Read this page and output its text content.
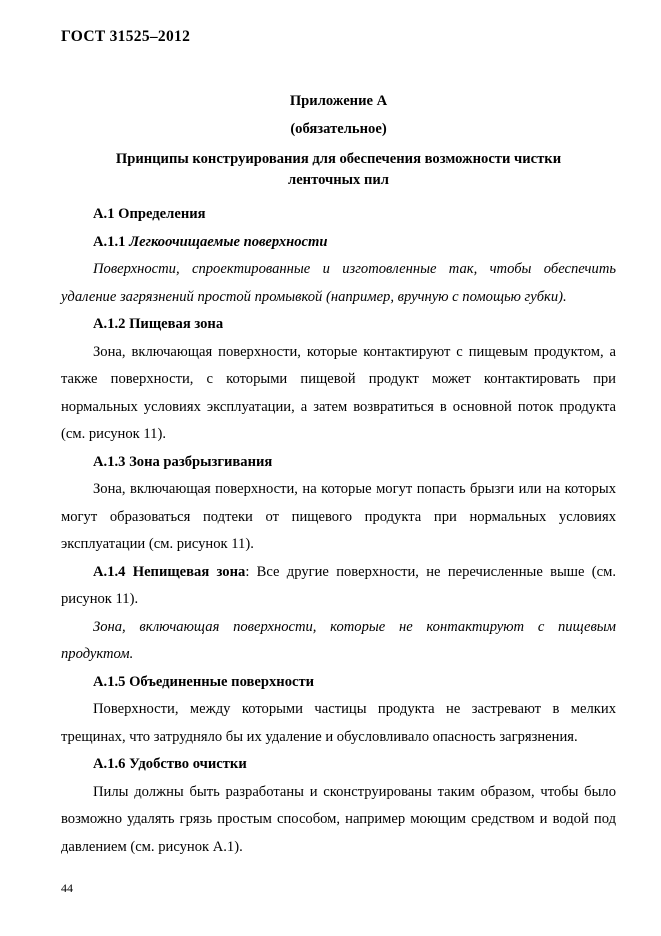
ГОСТ 31525–2012
Приложение А
(обязательное)
Принципы конструирования для обеспечения возможности чистки ленточных пил

А.1 Определения

А.1.1 Легкоочищаемые поверхности

Поверхности, спроектированные и изготовленные так, чтобы обеспечить удаление загрязнений простой промывкой (например, вручную с помощью губки).

А.1.2 Пищевая зона

Зона, включающая поверхности, которые контактируют с пищевым продуктом, а также поверхности, с которыми пищевой продукт может контактировать при нормальных условиях эксплуатации, а затем возвратиться в основной поток продукта (см. рисунок 11).

А.1.3 Зона разбрызгивания

Зона, включающая поверхности, на которые могут попасть брызги или на которых могут образоваться подтеки от пищевого продукта при нормальных условиях эксплуатации (см. рисунок 11).

А.1.4 Непищевая зона: Все другие поверхности, не перечисленные выше (см. рисунок 11).

Зона, включающая поверхности, которые не контактируют с пищевым продуктом.

А.1.5 Объединенные поверхности

Поверхности, между которыми частицы продукта не застревают в мелких трещинах, что затрудняло бы их удаление и обусловливало опасность загрязнения.

А.1.6 Удобство очистки

Пилы должны быть разработаны и сконструированы таким образом, чтобы было возможно удалять грязь простым способом, например моющим средством и водой под давлением (см. рисунок А.1).

44
